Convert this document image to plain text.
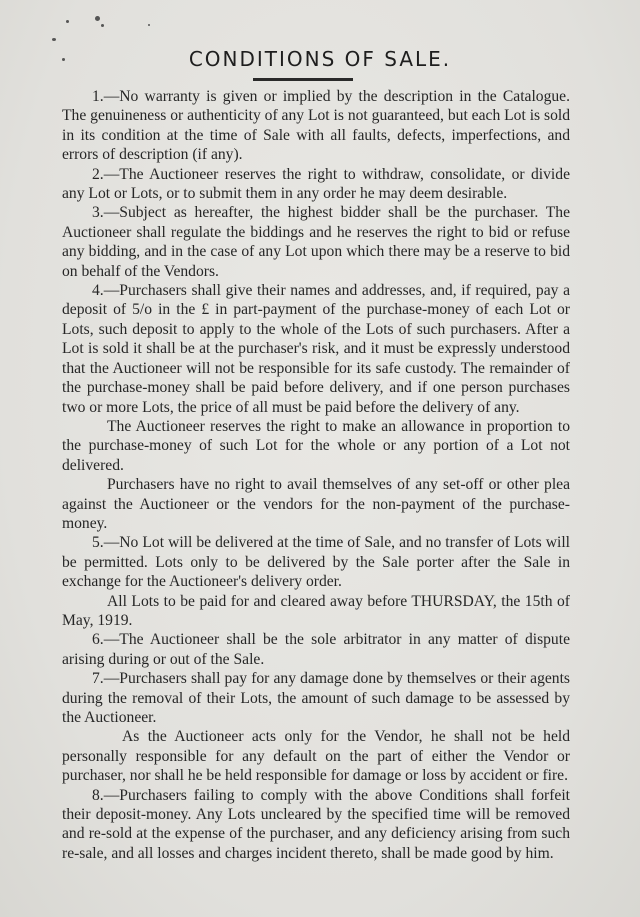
CONDITIONS OF SALE.

1.—No warranty is given or implied by the description in the Catalogue. The genuineness or authenticity of any Lot is not guaranteed, but each Lot is sold in its condition at the time of Sale with all faults, defects, imperfections, and errors of description (if any).

2.—The Auctioneer reserves the right to withdraw, consolidate, or divide any Lot or Lots, or to submit them in any order he may deem desirable.

3.—Subject as hereafter, the highest bidder shall be the purchaser. The Auctioneer shall regulate the biddings and he reserves the right to bid or refuse any bidding, and in the case of any Lot upon which there may be a reserve to bid on behalf of the Vendors.

4.—Purchasers shall give their names and addresses, and, if required, pay a deposit of 5/o in the £ in part-payment of the purchase-money of each Lot or Lots, such deposit to apply to the whole of the Lots of such purchasers. After a Lot is sold it shall be at the purchaser's risk, and it must be expressly understood that the Auctioneer will not be responsible for its safe custody. The remainder of the purchase-money shall be paid before delivery, and if one person purchases two or more Lots, the price of all must be paid before the delivery of any.

The Auctioneer reserves the right to make an allowance in proportion to the purchase-money of such Lot for the whole or any portion of a Lot not delivered.

Purchasers have no right to avail themselves of any set-off or other plea against the Auctioneer or the vendors for the non-payment of the purchase-money.

5.—No Lot will be delivered at the time of Sale, and no transfer of Lots will be permitted. Lots only to be delivered by the Sale porter after the Sale in exchange for the Auctioneer's delivery order.

All Lots to be paid for and cleared away before THURSDAY, the 15th of May, 1919.

6.—The Auctioneer shall be the sole arbitrator in any matter of dispute arising during or out of the Sale.

7.—Purchasers shall pay for any damage done by themselves or their agents during the removal of their Lots, the amount of such damage to be assessed by the Auctioneer.

As the Auctioneer acts only for the Vendor, he shall not be held personally responsible for any default on the part of either the Vendor or purchaser, nor shall he be held responsible for damage or loss by accident or fire.

8.—Purchasers failing to comply with the above Conditions shall forfeit their deposit-money. Any Lots uncleared by the specified time will be removed and re-sold at the expense of the purchaser, and any deficiency arising from such re-sale, and all losses and charges incident thereto, shall be made good by him.
